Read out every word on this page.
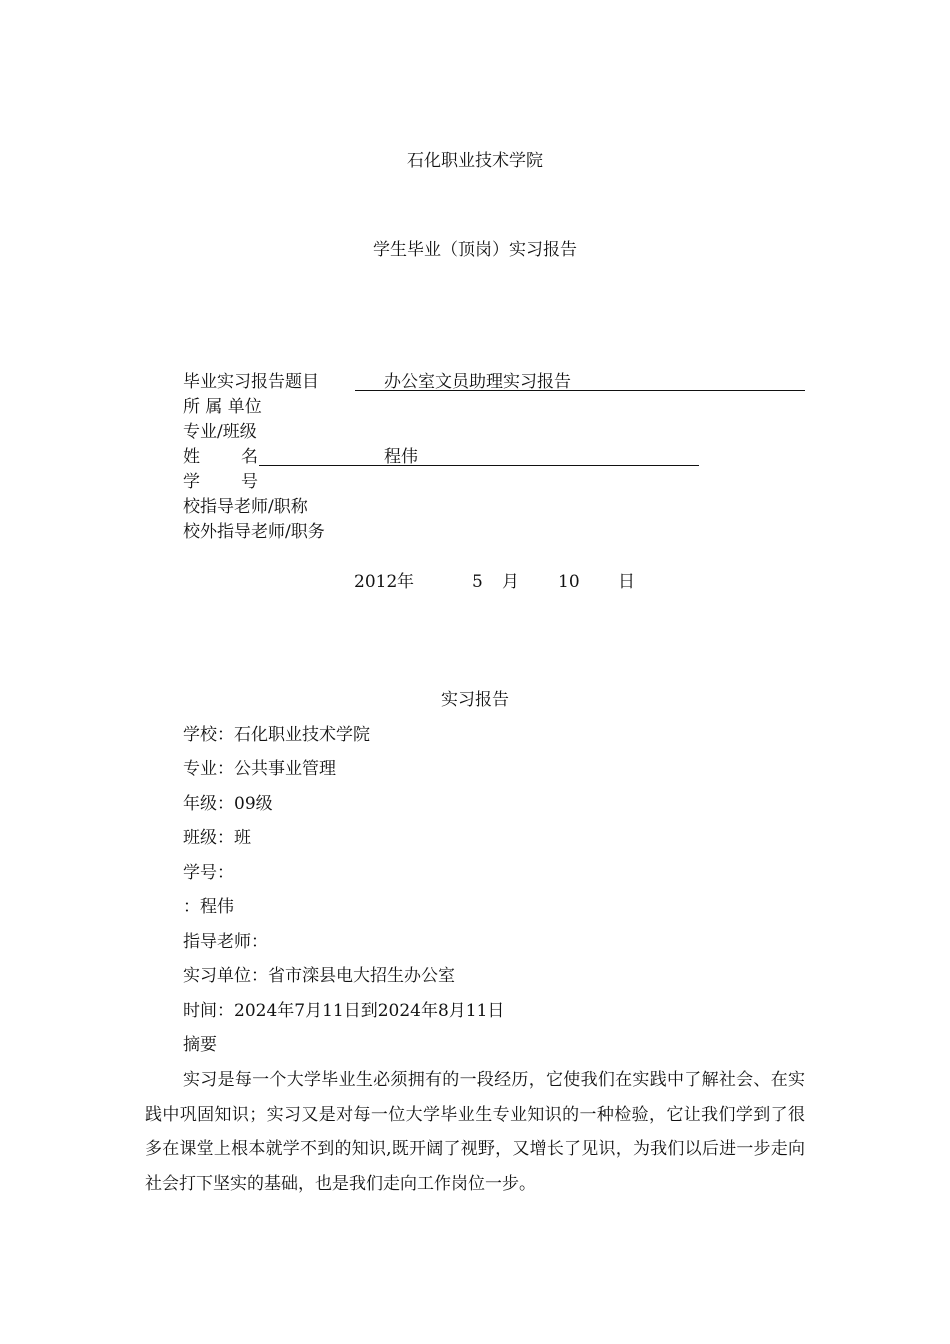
石化职业技术学院
学生毕业（顶岗）实习报告
毕业实习报告题目	办公室文员助理实习报告
所 属 单位
专业/班级
姓 名	程伟
学 号
校指导老师/职称
校外指导老师/职务
2012 年	5 月 10 日
实习报告
学校：石化职业技术学院
专业：公共事业管理
年级：09级
班级：班
学号：
：程伟
指导老师：
实习单位：省市滦县电大招生办公室
时间：2024年7月11日到2024年8月11日
摘要

实习是每一个大学毕业生必须拥有的一段经历，它使我们在实践中了解社会、在实践中巩固知识；实习又是对每一位大学毕业生专业知识的一种检验，它让我们学到了很多在课堂上根本就学不到的知识,既开阔了视野，又增长了见识，为我们以后进一步走向社会打下坚实的基础，也是我们走向工作岗位一步。
